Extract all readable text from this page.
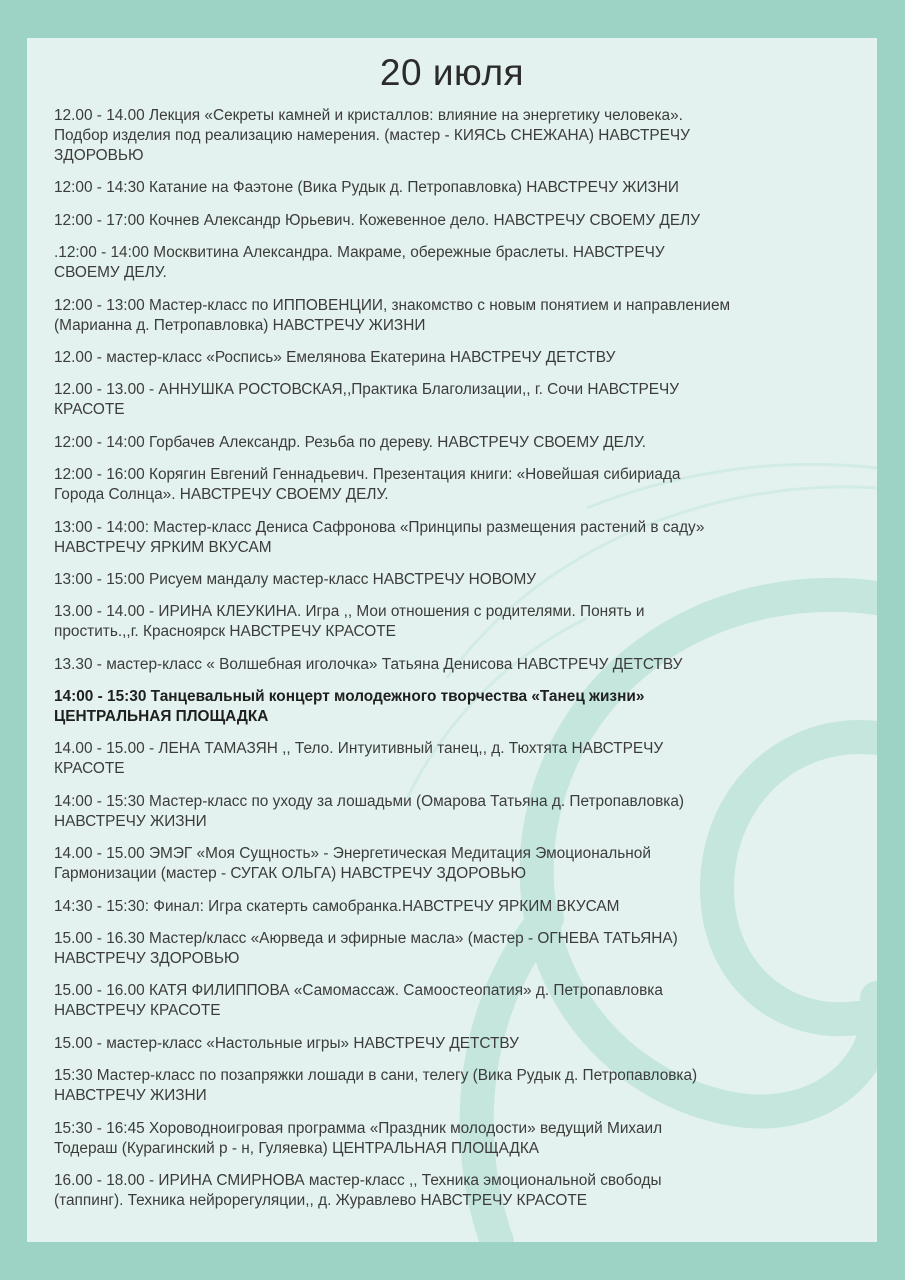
20 июля

12.00 - 14.00 Лекция «Секреты камней и кристаллов: влияние на энергетику человека».
Подбор изделия под реализацию намерения. (мастер - КИЯСЬ СНЕЖАНА) НАВСТРЕЧУ
ЗДОРОВЬЮ

12:00 - 14:30 Катание на Фаэтоне (Вика Рудык д. Петропавловка) НАВСТРЕЧУ ЖИЗНИ

12:00 - 17:00 Кочнев Александр Юрьевич. Кожевенное дело. НАВСТРЕЧУ СВОЕМУ ДЕЛУ

.12:00 - 14:00 Москвитина Александра. Макраме, обережные браслеты. НАВСТРЕЧУ
СВОЕМУ ДЕЛУ.

12:00 - 13:00 Мастер-класс по ИППОВЕНЦИИ, знакомство с новым понятием и направлением
(Марианна д. Петропавловка) НАВСТРЕЧУ ЖИЗНИ

12.00 - мастер-класс «Роспись» Емелянова Екатерина НАВСТРЕЧУ ДЕТСТВУ

12.00 - 13.00 - АННУШКА РОСТОВСКАЯ,,Практика Благолизации,, г. Сочи НАВСТРЕЧУ
КРАСОТЕ

12:00 - 14:00 Горбачев Александр. Резьба по дереву. НАВСТРЕЧУ СВОЕМУ ДЕЛУ.

12:00 - 16:00 Корягин Евгений Геннадьевич. Презентация книги: «Новейшая сибириада
Города Солнца». НАВСТРЕЧУ СВОЕМУ ДЕЛУ.

13:00 - 14:00: Мастер-класс Дениса Сафронова «Принципы размещения растений в саду»
НАВСТРЕЧУ ЯРКИМ ВКУСАМ

13:00 - 15:00 Рисуем мандалу мастер-класс НАВСТРЕЧУ НОВОМУ

13.00 - 14.00 - ИРИНА КЛЕУКИНА. Игра ,, Мои отношения с родителями. Понять и
простить.,,г. Красноярск НАВСТРЕЧУ КРАСОТЕ

13.30 - мастер-класс « Волшебная иголочка» Татьяна Денисова НАВСТРЕЧУ ДЕТСТВУ

14:00 - 15:30 Танцевальный концерт молодежного творчества «Танец жизни»
ЦЕНТРАЛЬНАЯ ПЛОЩАДКА

14.00 - 15.00 - ЛЕНА ТАМАЗЯН ,, Тело. Интуитивный танец,, д. Тюхтята НАВСТРЕЧУ
КРАСОТЕ

14:00 - 15:30 Мастер-класс по уходу за лошадьми (Омарова Татьяна д. Петропавловка)
НАВСТРЕЧУ ЖИЗНИ

14.00 - 15.00 ЭМЭГ «Моя Сущность» - Энергетическая Медитация Эмоциональной
Гармонизации (мастер - СУГАК ОЛЬГА) НАВСТРЕЧУ ЗДОРОВЬЮ

14:30 - 15:30: Финал: Игра скатерть самобранка.НАВСТРЕЧУ ЯРКИМ ВКУСАМ

15.00 - 16.30 Мастер/класс «Аюрведа и эфирные масла» (мастер - ОГНЕВА ТАТЬЯНА)
НАВСТРЕЧУ ЗДОРОВЬЮ

15.00 - 16.00 КАТЯ ФИЛИППОВА «Самомассаж. Самоостеопатия» д. Петропавловка
НАВСТРЕЧУ КРАСОТЕ

15.00 - мастер-класс «Настольные игры» НАВСТРЕЧУ ДЕТСТВУ

15:30 Мастер-класс по позапряжки лошади в сани, телегу (Вика Рудык д. Петропавловка)
НАВСТРЕЧУ ЖИЗНИ

15:30 - 16:45 Хороводноигровая программа «Праздник молодости» ведущий Михаил
Тодераш (Курагинский р - н, Гуляевка) ЦЕНТРАЛЬНАЯ ПЛОЩАДКА

16.00 - 18.00 - ИРИНА СМИРНОВА мастер-класс ,, Техника эмоциональной свободы
(таппинг). Техника нейрорегуляции,, д. Журавлево НАВСТРЕЧУ КРАСОТЕ
